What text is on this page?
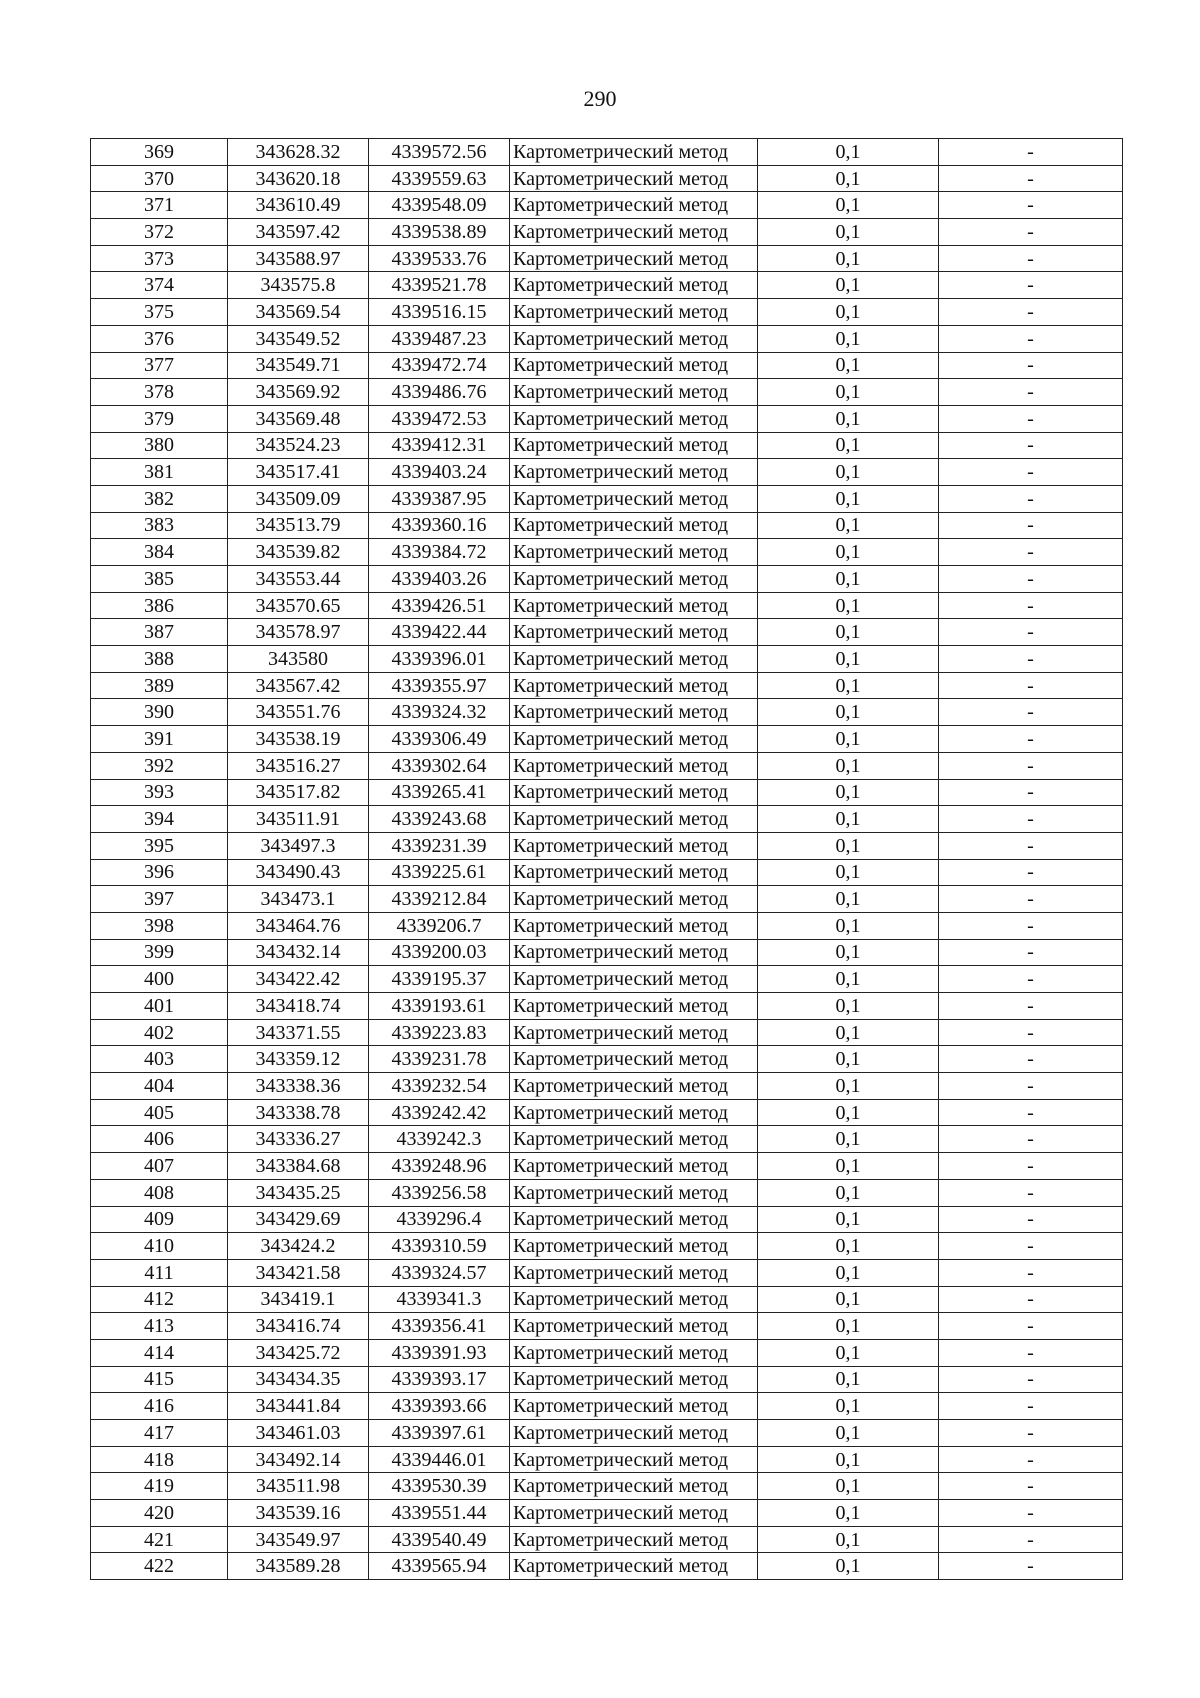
290
369	343628.32	4339572.56	Картометрический метод	0,1	-
370	343620.18	4339559.63	Картометрический метод	0,1	-
371	343610.49	4339548.09	Картометрический метод	0,1	-
372	343597.42	4339538.89	Картометрический метод	0,1	-
373	343588.97	4339533.76	Картометрический метод	0,1	-
374	343575.8	4339521.78	Картометрический метод	0,1	-
375	343569.54	4339516.15	Картометрический метод	0,1	-
376	343549.52	4339487.23	Картометрический метод	0,1	-
377	343549.71	4339472.74	Картометрический метод	0,1	-
378	343569.92	4339486.76	Картометрический метод	0,1	-
379	343569.48	4339472.53	Картометрический метод	0,1	-
380	343524.23	4339412.31	Картометрический метод	0,1	-
381	343517.41	4339403.24	Картометрический метод	0,1	-
382	343509.09	4339387.95	Картометрический метод	0,1	-
383	343513.79	4339360.16	Картометрический метод	0,1	-
384	343539.82	4339384.72	Картометрический метод	0,1	-
385	343553.44	4339403.26	Картометрический метод	0,1	-
386	343570.65	4339426.51	Картометрический метод	0,1	-
387	343578.97	4339422.44	Картометрический метод	0,1	-
388	343580	4339396.01	Картометрический метод	0,1	-
389	343567.42	4339355.97	Картометрический метод	0,1	-
390	343551.76	4339324.32	Картометрический метод	0,1	-
391	343538.19	4339306.49	Картометрический метод	0,1	-
392	343516.27	4339302.64	Картометрический метод	0,1	-
393	343517.82	4339265.41	Картометрический метод	0,1	-
394	343511.91	4339243.68	Картометрический метод	0,1	-
395	343497.3	4339231.39	Картометрический метод	0,1	-
396	343490.43	4339225.61	Картометрический метод	0,1	-
397	343473.1	4339212.84	Картометрический метод	0,1	-
398	343464.76	4339206.7	Картометрический метод	0,1	-
399	343432.14	4339200.03	Картометрический метод	0,1	-
400	343422.42	4339195.37	Картометрический метод	0,1	-
401	343418.74	4339193.61	Картометрический метод	0,1	-
402	343371.55	4339223.83	Картометрический метод	0,1	-
403	343359.12	4339231.78	Картометрический метод	0,1	-
404	343338.36	4339232.54	Картометрический метод	0,1	-
405	343338.78	4339242.42	Картометрический метод	0,1	-
406	343336.27	4339242.3	Картометрический метод	0,1	-
407	343384.68	4339248.96	Картометрический метод	0,1	-
408	343435.25	4339256.58	Картометрический метод	0,1	-
409	343429.69	4339296.4	Картометрический метод	0,1	-
410	343424.2	4339310.59	Картометрический метод	0,1	-
411	343421.58	4339324.57	Картометрический метод	0,1	-
412	343419.1	4339341.3	Картометрический метод	0,1	-
413	343416.74	4339356.41	Картометрический метод	0,1	-
414	343425.72	4339391.93	Картометрический метод	0,1	-
415	343434.35	4339393.17	Картометрический метод	0,1	-
416	343441.84	4339393.66	Картометрический метод	0,1	-
417	343461.03	4339397.61	Картометрический метод	0,1	-
418	343492.14	4339446.01	Картометрический метод	0,1	-
419	343511.98	4339530.39	Картометрический метод	0,1	-
420	343539.16	4339551.44	Картометрический метод	0,1	-
421	343549.97	4339540.49	Картометрический метод	0,1	-
422	343589.28	4339565.94	Картометрический метод	0,1	-
